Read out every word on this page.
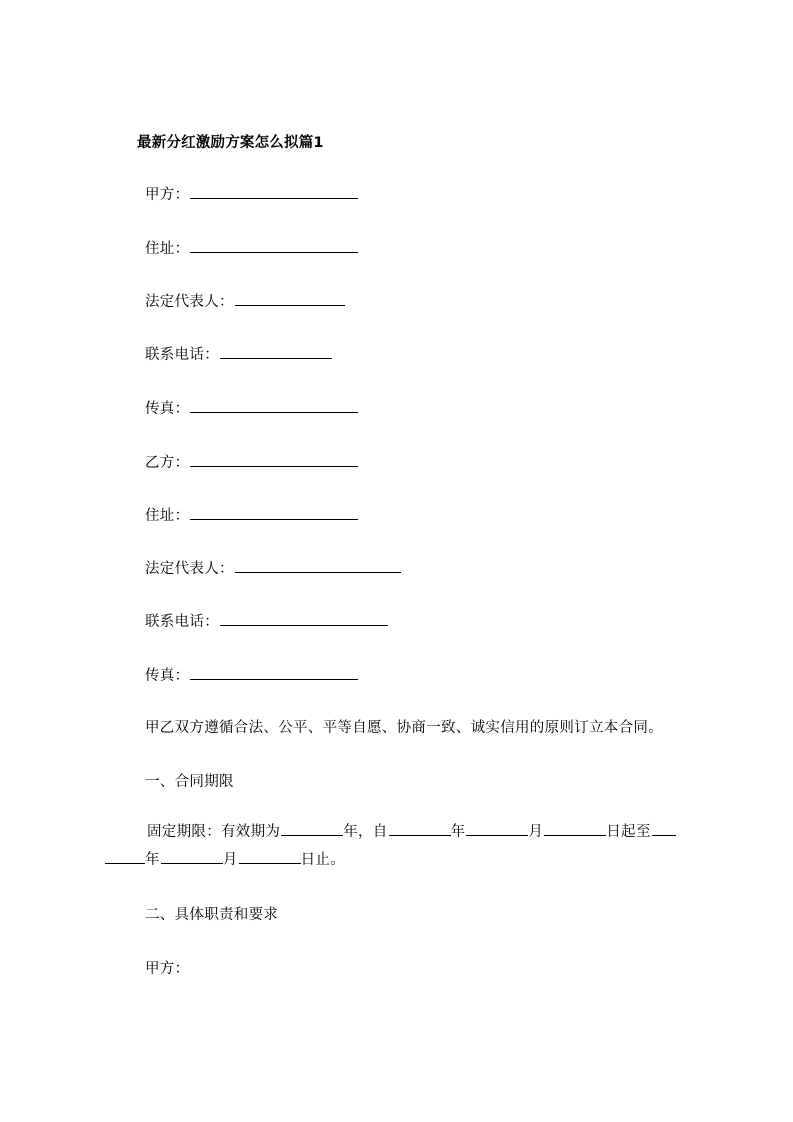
最新分红激励方案怎么拟篇1
甲方：
住址：
法定代表人：
联系电话：
传真：
乙方：
住址：
法定代表人：
联系电话：
传真：
甲乙双方遵循合法、公平、平等自愿、协商一致、诚实信用的原则订立本合同。
一、合同期限
固定期限：有效期为	年，自	年	月	日起至
年	月	日止。
二、具体职责和要求
甲方：
